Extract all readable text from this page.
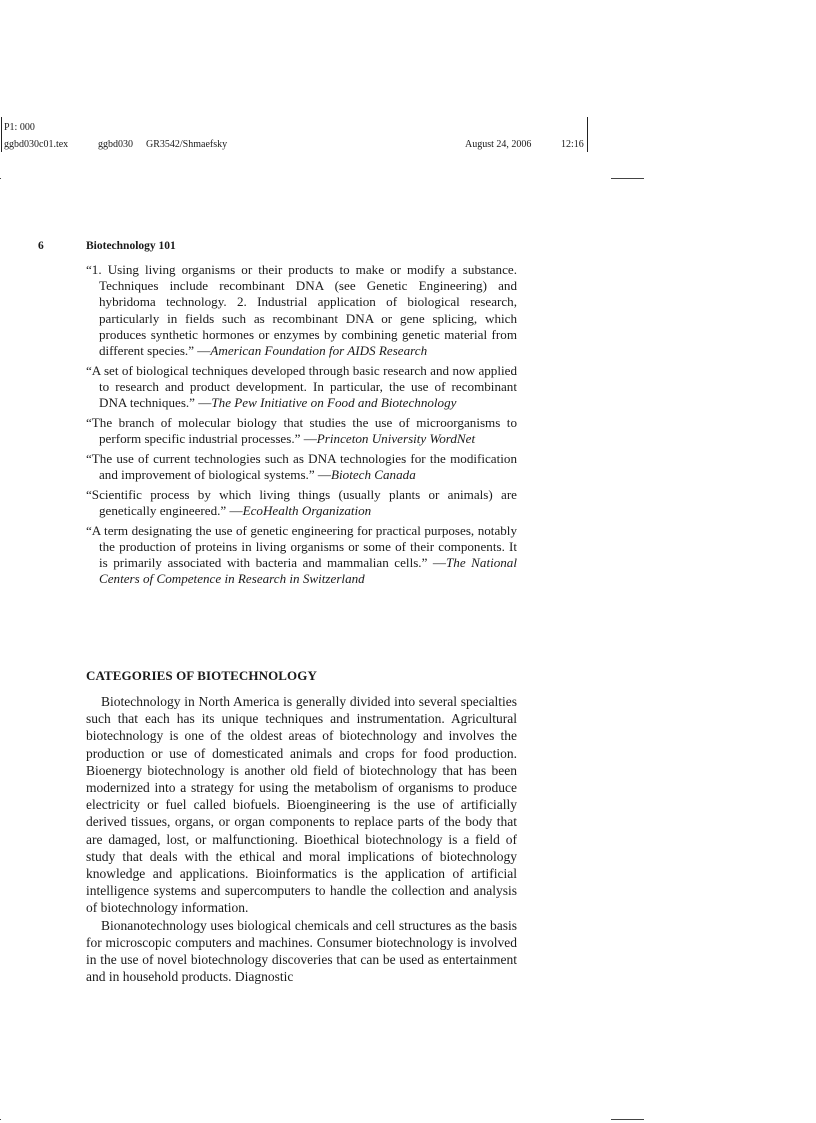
P1: 000
ggbd030c01.tex	ggbd030 GR3542/Shmaefsky	August 24, 2006	12:16
6	Biotechnology 101

“1. Using living organisms or their products to make or modify a substance. Techniques include recombinant DNA (see Genetic Engineering) and hybridoma technology. 2. Industrial application of biological research, particularly in fields such as recombinant DNA or gene splicing, which produces synthetic hormones or enzymes by combining genetic material from different species.” —American Foundation for AIDS Research

“A set of biological techniques developed through basic research and now applied to research and product development. In particular, the use of recombinant DNA techniques.” —The Pew Initiative on Food and Biotechnology

“The branch of molecular biology that studies the use of microorganisms to perform specific industrial processes.” —Princeton University WordNet

“The use of current technologies such as DNA technologies for the modification and improvement of biological systems.” —Biotech Canada

“Scientific process by which living things (usually plants or animals) are genetically engineered.” —EcoHealth Organization

“A term designating the use of genetic engineering for practical purposes, notably the production of proteins in living organisms or some of their components. It is primarily associated with bacteria and mammalian cells.” —The National Centers of Competence in Research in Switzerland

CATEGORIES OF BIOTECHNOLOGY

Biotechnology in North America is generally divided into several specialties such that each has its unique techniques and instrumentation. Agricultural biotechnology is one of the oldest areas of biotechnology and involves the production or use of domesticated animals and crops for food production. Bioenergy biotechnology is another old field of biotechnology that has been modernized into a strategy for using the metabolism of organisms to produce electricity or fuel called biofuels. Bioengineering is the use of artificially derived tissues, organs, or organ components to replace parts of the body that are damaged, lost, or malfunctioning. Bioethical biotechnology is a field of study that deals with the ethical and moral implications of biotechnology knowledge and applications. Bioinformatics is the application of artificial intelligence systems and supercomputers to handle the collection and analysis of biotechnology information.

Bionanotechnology uses biological chemicals and cell structures as the basis for microscopic computers and machines. Consumer biotechnology is involved in the use of novel biotechnology discoveries that can be used as entertainment and in household products. Diagnostic
